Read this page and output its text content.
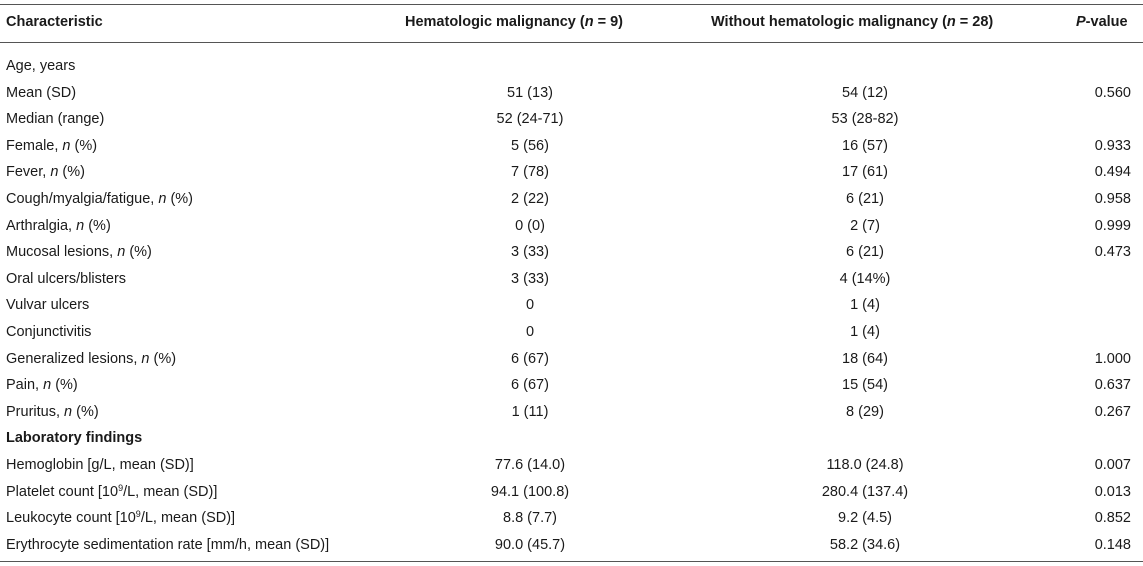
Characteristic	Hematologic malignancy (n = 9)	Without hematologic malignancy (n = 28)	P-value
Age, years
Mean (SD)	51 (13)	54 (12)	0.560
Median (range)	52 (24-71)	53 (28-82)
Female, n (%)	5 (56)	16 (57)	0.933
Fever, n (%)	7 (78)	17 (61)	0.494
Cough/myalgia/fatigue, n (%)	2 (22)	6 (21)	0.958
Arthralgia, n (%)	0 (0)	2 (7)	0.999
Mucosal lesions, n (%)	3 (33)	6 (21)	0.473
Oral ulcers/blisters	3 (33)	4 (14%)
Vulvar ulcers	0	1 (4)
Conjunctivitis	0	1 (4)
Generalized lesions, n (%)	6 (67)	18 (64)	1.000
Pain, n (%)	6 (67)	15 (54)	0.637
Pruritus, n (%)	1 (11)	8 (29)	0.267
Laboratory findings
Hemoglobin [g/L, mean (SD)]	77.6 (14.0)	118.0 (24.8)	0.007
Platelet count [$10^9/L$, mean (SD)]	94.1 (100.8)	280.4 (137.4)	0.013
Leukocyte count [$10^9/L$, mean (SD)]	8.8 (7.7)	9.2 (4.5)	0.852
Erythrocyte sedimentation rate [mm/h, mean (SD)]	90.0 (45.7)	58.2 (34.6)	0.148
